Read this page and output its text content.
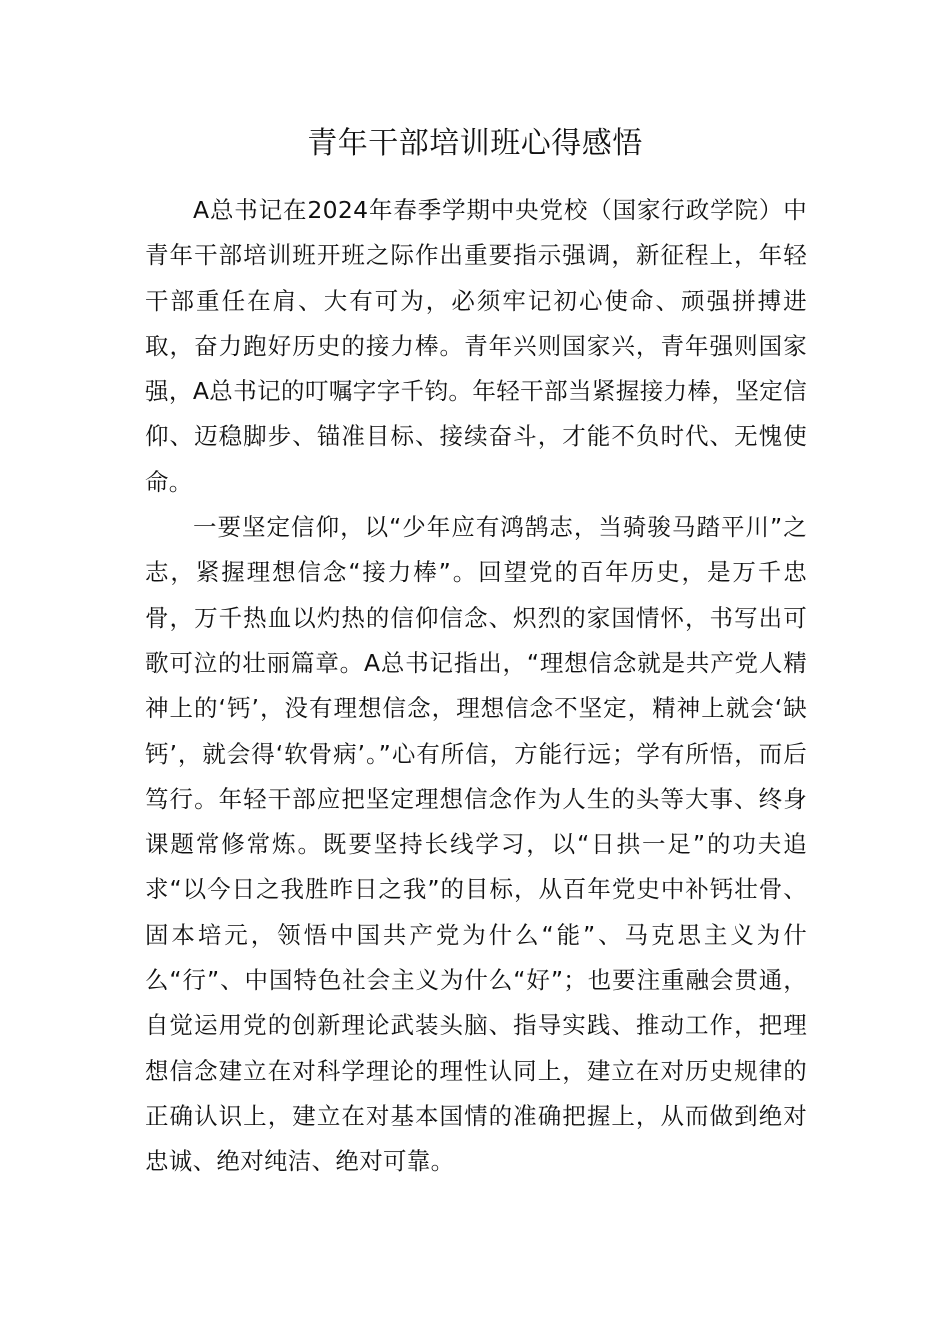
青年干部培训班心得感悟

A总书记在2024年春季学期中央党校（国家行政学院）中青年干部培训班开班之际作出重要指示强调，新征程上，年轻干部重任在肩、大有可为，必须牢记初心使命、顽强拼搏进取，奋力跑好历史的接力棒。青年兴则国家兴，青年强则国家强，A总书记的叮嘱字字千钧。年轻干部当紧握接力棒，坚定信仰、迈稳脚步、锚准目标、接续奋斗，才能不负时代、无愧使命。

一要坚定信仰，以“少年应有鸿鹄志，当骑骏马踏平川”之志，紧握理想信念“接力棒”。回望党的百年历史，是万千忠骨，万千热血以灼热的信仰信念、炽烈的家国情怀，书写出可歌可泣的壮丽篇章。A总书记指出，“理想信念就是共产党人精神上的‘钙’，没有理想信念，理想信念不坚定，精神上就会‘缺钙’，就会得‘软骨病’。”心有所信，方能行远；学有所悟，而后笃行。年轻干部应把坚定理想信念作为人生的头等大事、终身课题常修常炼。既要坚持长线学习，以“日拱一足”的功夫追求“以今日之我胜昨日之我”的目标，从百年党史中补钙壮骨、固本培元，领悟中国共产党为什么“能”、马克思主义为什么“行”、中国特色社会主义为什么“好”；也要注重融会贯通，自觉运用党的创新理论武装头脑、指导实践、推动工作，把理想信念建立在对科学理论的理性认同上，建立在对历史规律的正确认识上，建立在对基本国情的准确把握上，从而做到绝对忠诚、绝对纯洁、绝对可靠。
